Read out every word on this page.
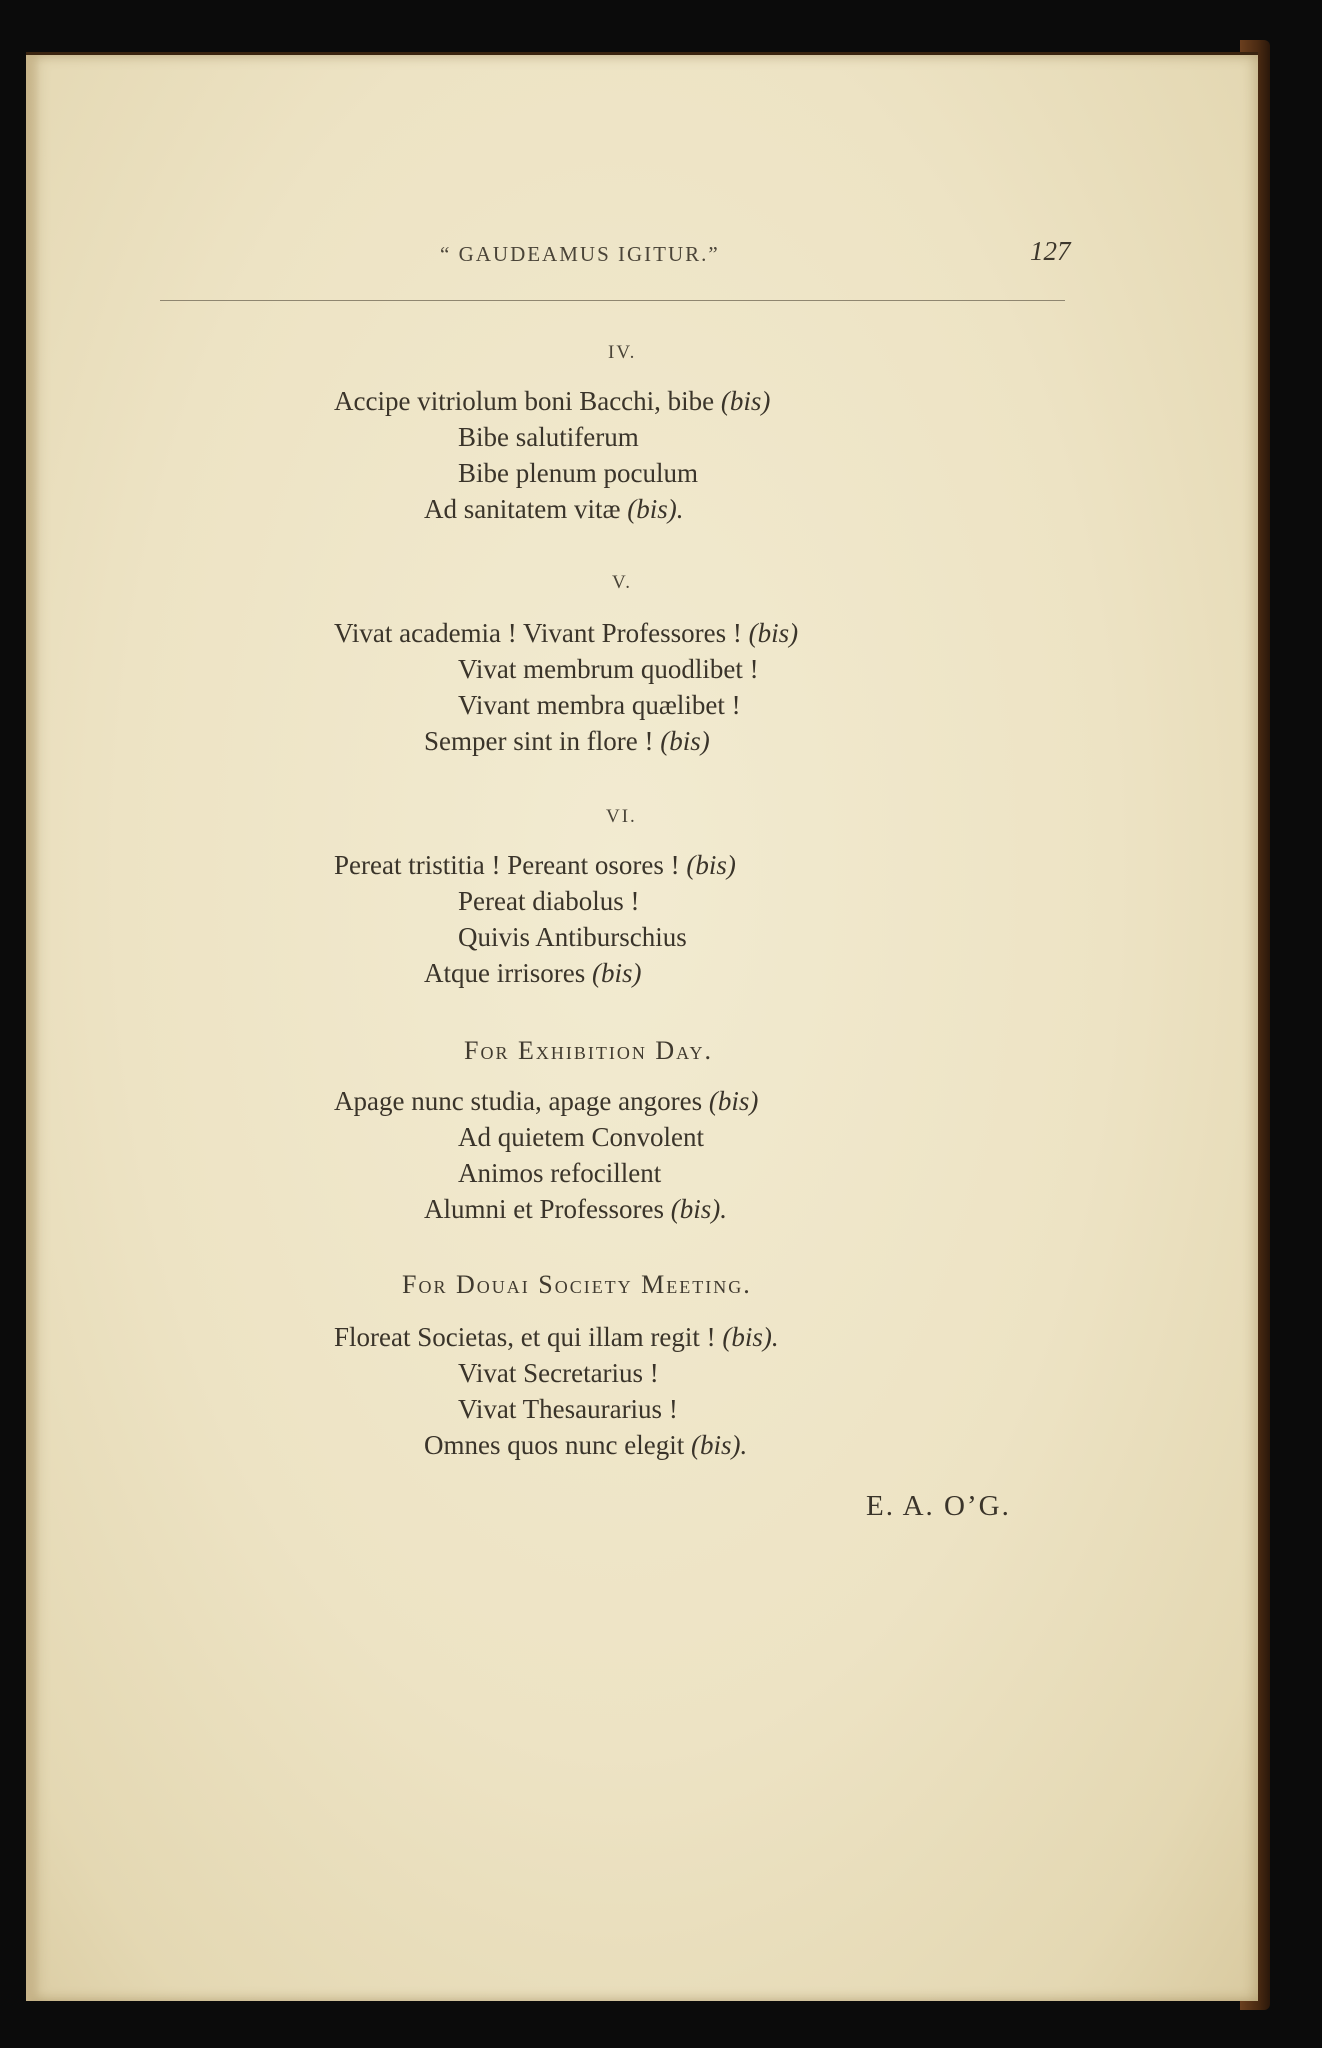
“ GAUDEAMUS IGITUR.”	127
IV.
Accipe vitriolum boni Bacchi, bibe (bis)
Bibe salutiferum
Bibe plenum poculum
Ad sanitatem vitæ (bis).
V.
Vivat academia ! Vivant Professores ! (bis)
Vivat membrum quodlibet !
Vivant membra quælibet !
Semper sint in flore ! (bis)
VI.
Pereat tristitia ! Pereant osores ! (bis)
Pereat diabolus !
Quivis Antiburschius
Atque irrisores (bis)
For Exhibition Day.
Apage nunc studia, apage angores (bis)
Ad quietem Convolent
Animos refocillent
Alumni et Professores (bis).
For Douai Society Meeting.
Floreat Societas, et qui illam regit ! (bis).
Vivat Secretarius !
Vivat Thesaurarius !
Omnes quos nunc elegit (bis).
E. A. O’G.
